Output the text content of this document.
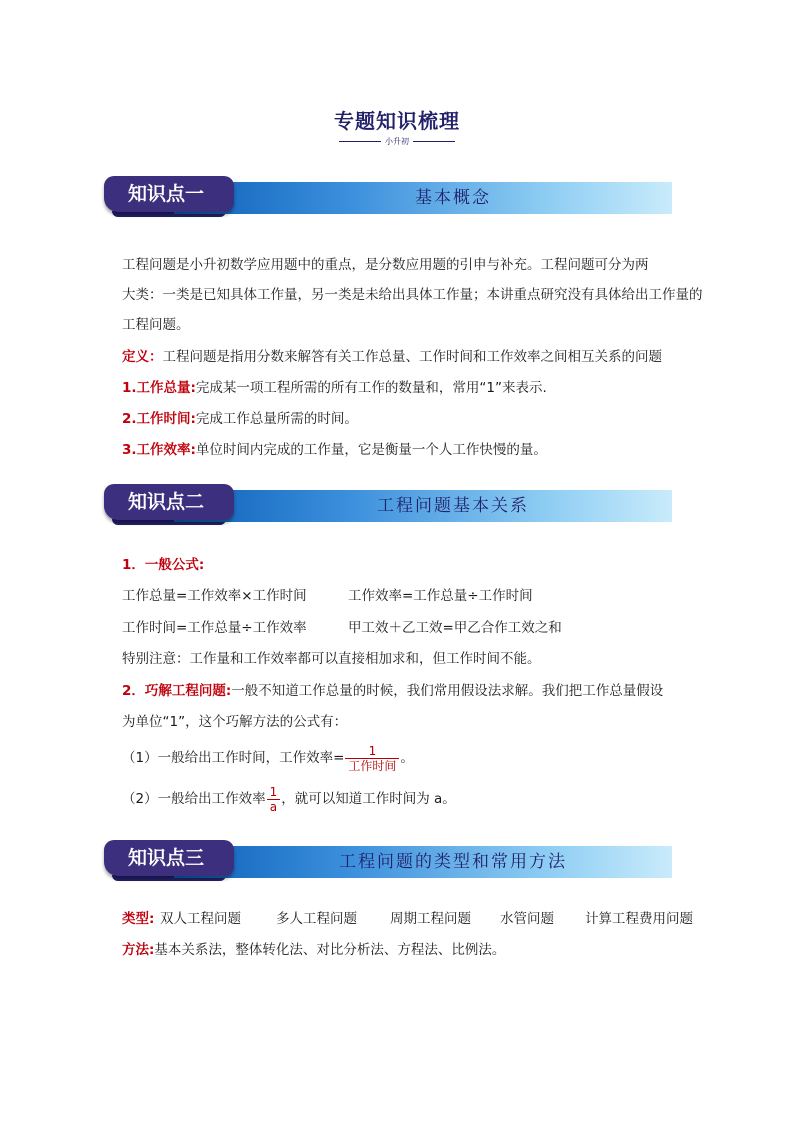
专题知识梳理
小升初
知识点一	基本概念
工程问题是小升初数学应用题中的重点，是分数应用题的引申与补充。工程问题可分为两
大类：一类是已知具体工作量，另一类是未给出具体工作量；本讲重点研究没有具体给出工作量的
工程问题。
定义：工程问题是指用分数来解答有关工作总量、工作时间和工作效率之间相互关系的问题
1.工作总量:完成某一项工程所需的所有工作的数量和，常用“1”来表示.
2.工作时间:完成工作总量所需的时间。
3.工作效率:单位时间内完成的工作量，它是衡量一个人工作快慢的量。
知识点二	工程问题基本关系
1．一般公式:
工作总量=工作效率×工作时间	工作效率=工作总量÷工作时间
工作时间=工作总量÷工作效率	甲工效＋乙工效=甲乙合作工效之和
特别注意：工作量和工作效率都可以直接相加求和，但工作时间不能。
2．巧解工程问题:一般不知道工作总量的时候，我们常用假设法求解。我们把工作总量假设
为单位“1”，这个巧解方法的公式有：
（1）一般给出工作时间，工作效率= $\frac{1}{\text{工作时间}}$ 。
（2）一般给出工作效率 $\frac{1}{a}$ ，就可以知道工作时间为 a。
知识点三	工程问题的类型和常用方法
类型: 双人工程问题	多人工程问题 周期工程问题 水管问题 计算工程费用问题
方法:基本关系法，整体转化法、对比分析法、方程法、比例法。
